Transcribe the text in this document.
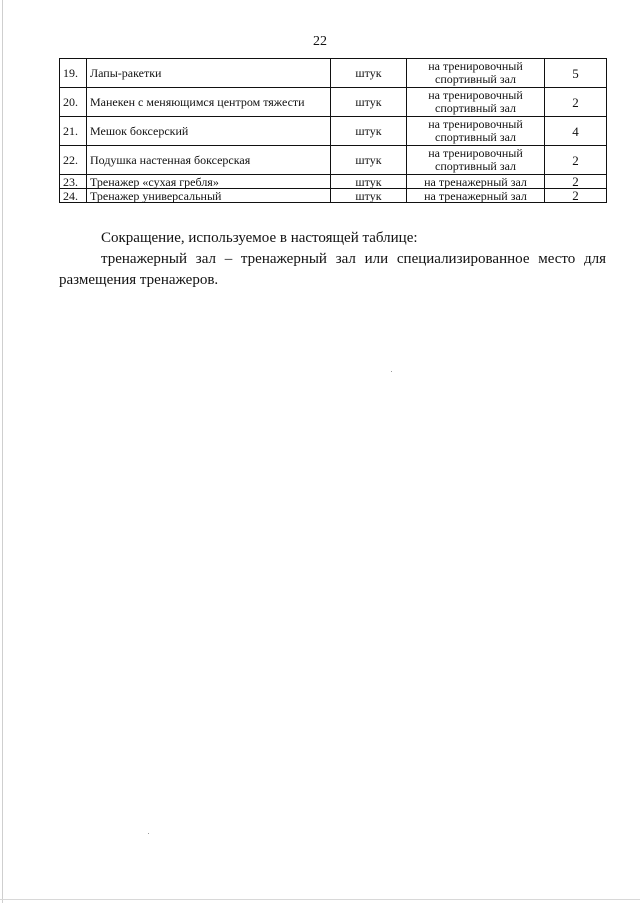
22
19.	Лапы-ракетки	штук	на тренировочный спортивный зал	5
20.	Манекен с меняющимся центром тяжести	штук	на тренировочный спортивный зал	2
21.	Мешок боксерский	штук	на тренировочный спортивный зал	4
22.	Подушка настенная боксерская	штук	на тренировочный спортивный зал	2
23.	Тренажер «сухая гребля»	штук	на тренажерный зал	2
24.	Тренажер универсальный	штук	на тренажерный зал	2

Сокращение, используемое в настоящей таблице:

тренажерный зал – тренажерный зал или специализированное место для размещения тренажеров.
